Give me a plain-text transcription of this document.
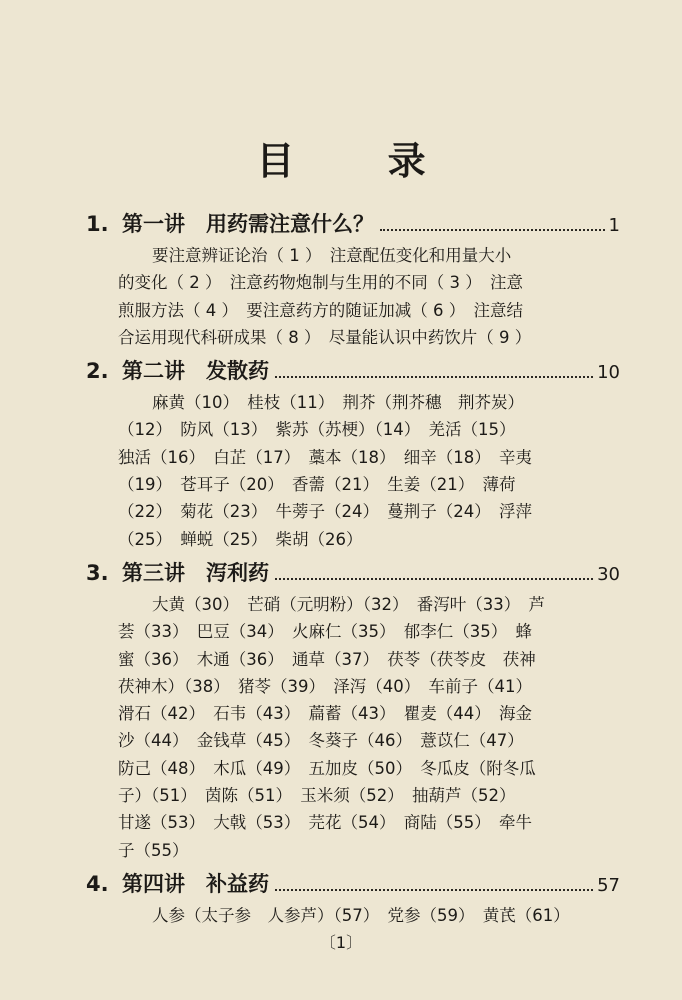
目 录
1. 第一讲　用药需注意什么？	1
要注意辨证论治（ 1 ）　注意配伍变化和用量大小
的变化（ 2 ）　注意药物炮制与生用的不同（ 3 ）　注意
煎服方法（ 4 ）　要注意药方的随证加减（ 6 ）　注意结
合运用现代科研成果（ 8 ）　尽量能认识中药饮片（ 9 ）
2. 第二讲　发散药	10
麻黄（10）　桂枝（11）　荆芥（荆芥穗　荆芥炭）
（12）　防风（13）　紫苏（苏梗）（14）　羌活（15）
独活（16）　白芷（17）　藁本（18）　细辛（18）　辛夷
（19）　苍耳子（20）　香薷（21）　生姜（21）　薄荷
（22）　菊花（23）　牛蒡子（24）　蔓荆子（24）　浮萍
（25）　蝉蜕（25）　柴胡（26）
3. 第三讲　泻利药	30
大黄（30）　芒硝（元明粉）（32）　番泻叶（33）　芦
荟（33）　巴豆（34）　火麻仁（35）　郁李仁（35）　蜂
蜜（36）　木通（36）　通草（37）　茯苓（茯苓皮　茯神
茯神木）（38）　猪苓（39）　泽泻（40）　车前子（41）
滑石（42）　石韦（43）　萹蓄（43）　瞿麦（44）　海金
沙（44）　金钱草（45）　冬葵子（46）　薏苡仁（47）
防己（48）　木瓜（49）　五加皮（50）　冬瓜皮（附冬瓜
子）（51）　茵陈（51）　玉米须（52）　抽葫芦（52）
甘遂（53）　大戟（53）　芫花（54）　商陆（55）　牵牛
子（55）
4. 第四讲　补益药	57
人参（太子参　人参芦）（57）　党参（59）　黄芪（61）
〔1〕
